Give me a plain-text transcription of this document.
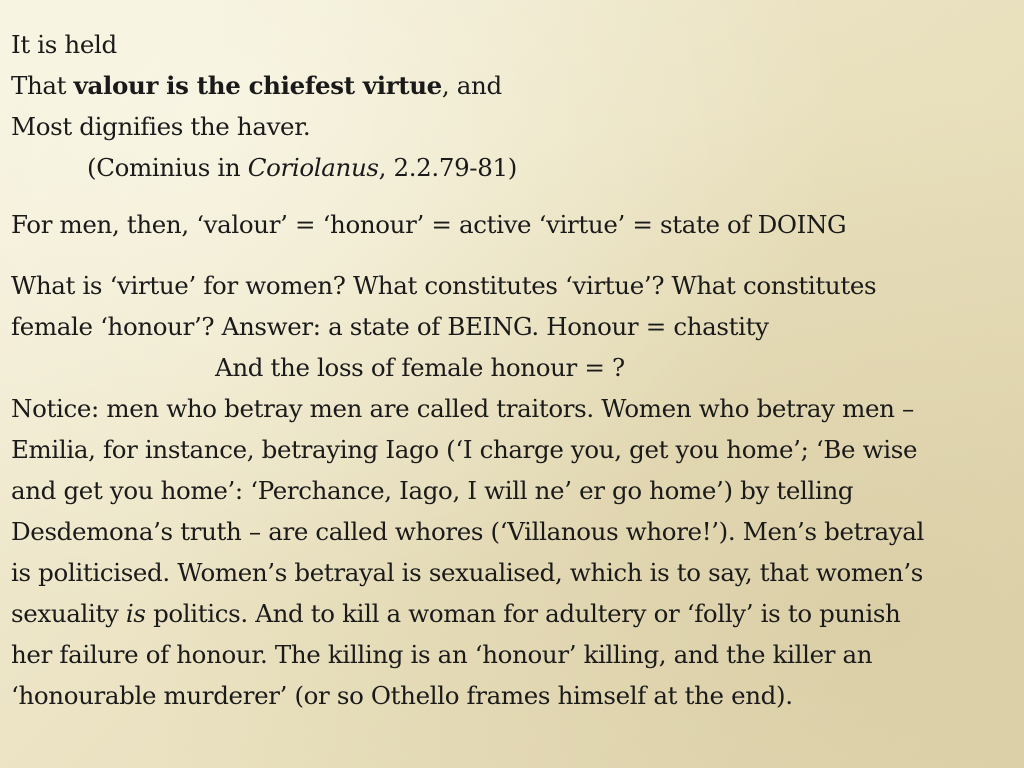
It is held
That valour is the chiefest virtue, and
Most dignifies the haver.
(Cominius in Coriolanus, 2.2.79-81)
For men, then, ‘valour’ = ‘honour’ = active ‘virtue’ = state of DOING
What is ‘virtue’ for women? What constitutes ‘virtue’? What constitutes
female ‘honour’? Answer: a state of BEING. Honour = chastity
And the loss of female honour = ?
Notice: men who betray men are called traitors. Women who betray men –
Emilia, for instance, betraying Iago (‘I charge you, get you home’; ‘Be wise
and get you home’: ‘Perchance, Iago, I will ne’ er go home’) by telling
Desdemona’s truth – are called whores (‘Villanous whore!’). Men’s betrayal
is politicised. Women’s betrayal is sexualised, which is to say, that women’s
sexuality is politics. And to kill a woman for adultery or ‘folly’ is to punish
her failure of honour. The killing is an ‘honour’ killing, and the killer an
‘honourable murderer’ (or so Othello frames himself at the end).
